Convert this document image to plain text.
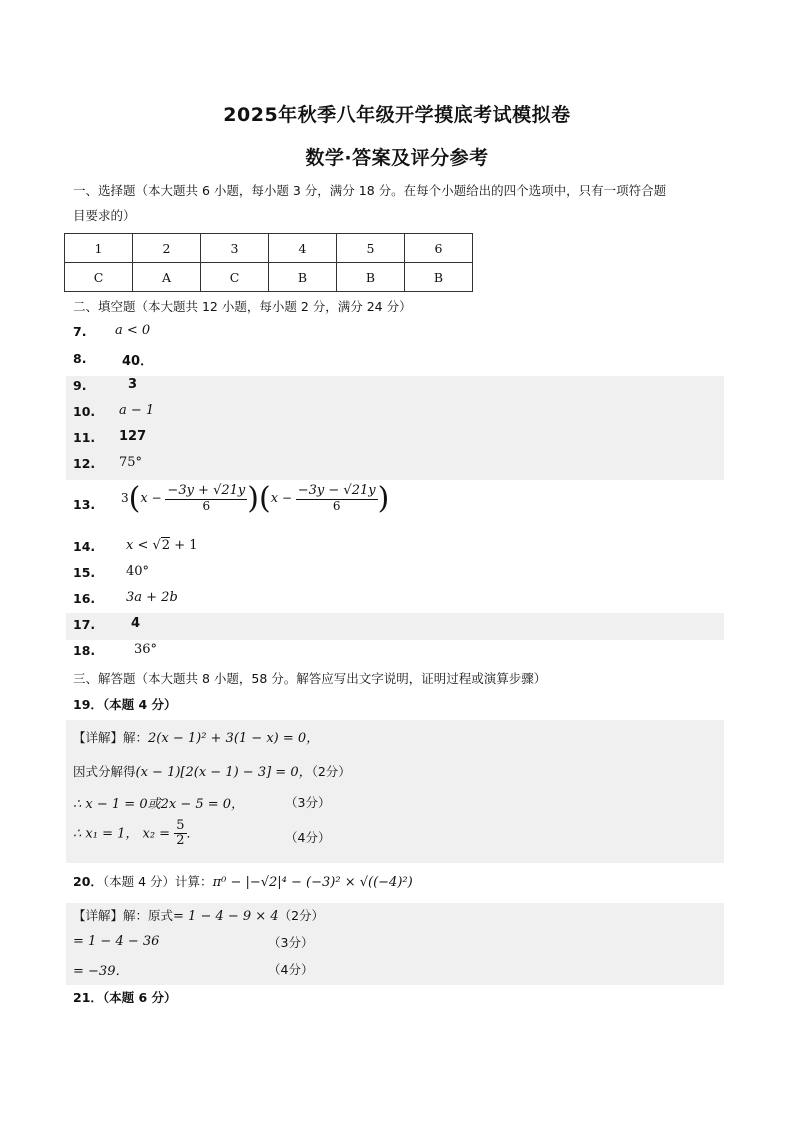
2025年秋季八年级开学摸底考试模拟卷
数学·答案及评分参考
一、选择题（本大题共 6 小题，每小题 3 分，满分 18 分。在每个小题给出的四个选项中，只有一项符合题
目要求的）
1	2	3	4	5	6
C	A	C	B	B	B
二、填空题（本大题共 12 小题，每小题 2 分，满分 24 分）
7. a < 0
8.	40．
9.	3
10. a − 1
11. 127
12. 75°
13. $3(x - \frac{-3y + √21y}{6} )(x - \frac{-3y - √21y}{6}$ )
14. x < √2 + 1
15. 40°
16. 3a + 2b
17.	4
18.	36°
三、解答题（本大题共 8 小题，58 分。解答应写出文字说明，证明过程或演算步骤）
19．（本题 4 分）
【详解】解：2(x − 1)² + 3(1 − x) = 0，
因式分解得(x − 1)[2(x − 1) − 3] = 0，（2分）
∴ x − 1 = 0或2x − 5 = 0，	（3分）
∴ x₁ = 1， $x_2 = \frac{5}{2}$ ．	（4分）
20．（本题 4 分）计算：π⁰ − |−√2|⁴ − (−3)² × √((−4)²)
【详解】解：原式= 1 − 4 − 9 × 4（2分）
= 1 − 4 − 36	（3分）
= −39．	（4分）
21．（本题 6 分）
